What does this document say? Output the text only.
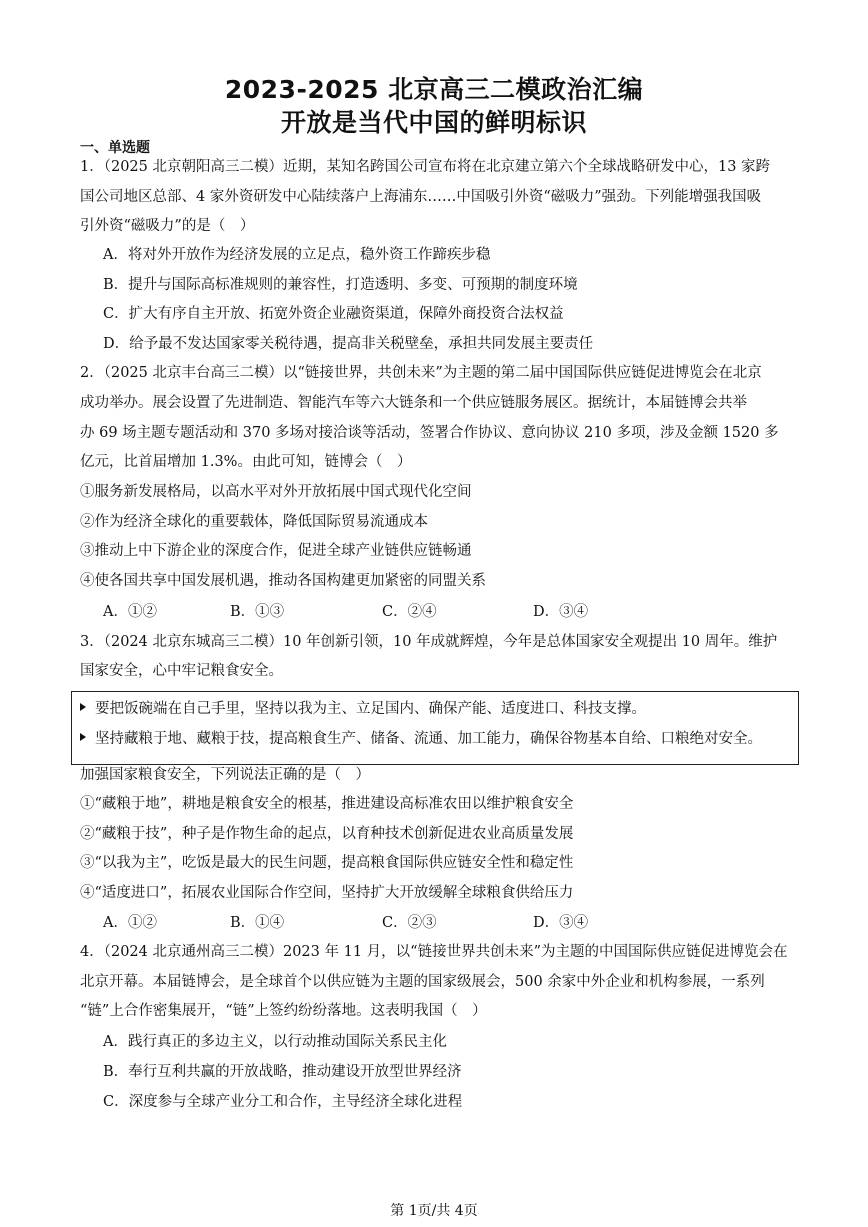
2023-2025 北京高三二模政治汇编
开放是当代中国的鲜明标识
一、单选题
1．（2025 北京朝阳高三二模）近期，某知名跨国公司宣布将在北京建立第六个全球战略研发中心，13 家跨
国公司地区总部、4 家外资研发中心陆续落户上海浦东……中国吸引外资“磁吸力”强劲。下列能增强我国吸
引外资“磁吸力”的是（　）
A．将对外开放作为经济发展的立足点，稳外资工作蹄疾步稳
B．提升与国际高标准规则的兼容性，打造透明、多变、可预期的制度环境
C．扩大有序自主开放、拓宽外资企业融资渠道，保障外商投资合法权益
D．给予最不发达国家零关税待遇，提高非关税壁垒，承担共同发展主要责任
2．（2025 北京丰台高三二模）以“链接世界，共创未来”为主题的第二届中国国际供应链促进博览会在北京
成功举办。展会设置了先进制造、智能汽车等六大链条和一个供应链服务展区。据统计，本届链博会共举
办 69 场主题专题活动和 370 多场对接洽谈等活动，签署合作协议、意向协议 210 多项，涉及金额 1520 多
亿元，比首届增加 1.3%。由此可知，链博会（　）
①服务新发展格局，以高水平对外开放拓展中国式现代化空间
②作为经济全球化的重要载体，降低国际贸易流通成本
③推动上中下游企业的深度合作，促进全球产业链供应链畅通
④使各国共享中国发展机遇，推动各国构建更加紧密的同盟关系
A．①②	B．①③	C．②④	D．③④
3．（2024 北京东城高三二模）10 年创新引领，10 年成就辉煌，今年是总体国家安全观提出 10 周年。维护
国家安全，心中牢记粮食安全。
要把饭碗端在自己手里，坚持以我为主、立足国内、确保产能、适度进口、科技支撑。
坚持藏粮于地、藏粮于技，提高粮食生产、储备、流通、加工能力，确保谷物基本自给、口粮绝对安全。
加强国家粮食安全，下列说法正确的是（　）
①“藏粮于地”，耕地是粮食安全的根基，推进建设高标准农田以维护粮食安全
②“藏粮于技”，种子是作物生命的起点，以育种技术创新促进农业高质量发展
③“以我为主”，吃饭是最大的民生问题，提高粮食国际供应链安全性和稳定性
④“适度进口”，拓展农业国际合作空间，坚持扩大开放缓解全球粮食供给压力
A．①②	B．①④	C．②③	D．③④
4．（2024 北京通州高三二模）2023 年 11 月，以“链接世界共创未来”为主题的中国国际供应链促进博览会在
北京开幕。本届链博会，是全球首个以供应链为主题的国家级展会，500 余家中外企业和机构参展，一系列
“链”上合作密集展开，“链”上签约纷纷落地。这表明我国（　）
A．践行真正的多边主义，以行动推动国际关系民主化
B．奉行互利共赢的开放战略，推动建设开放型世界经济
C．深度参与全球产业分工和合作，主导经济全球化进程
第 1页/共 4页
